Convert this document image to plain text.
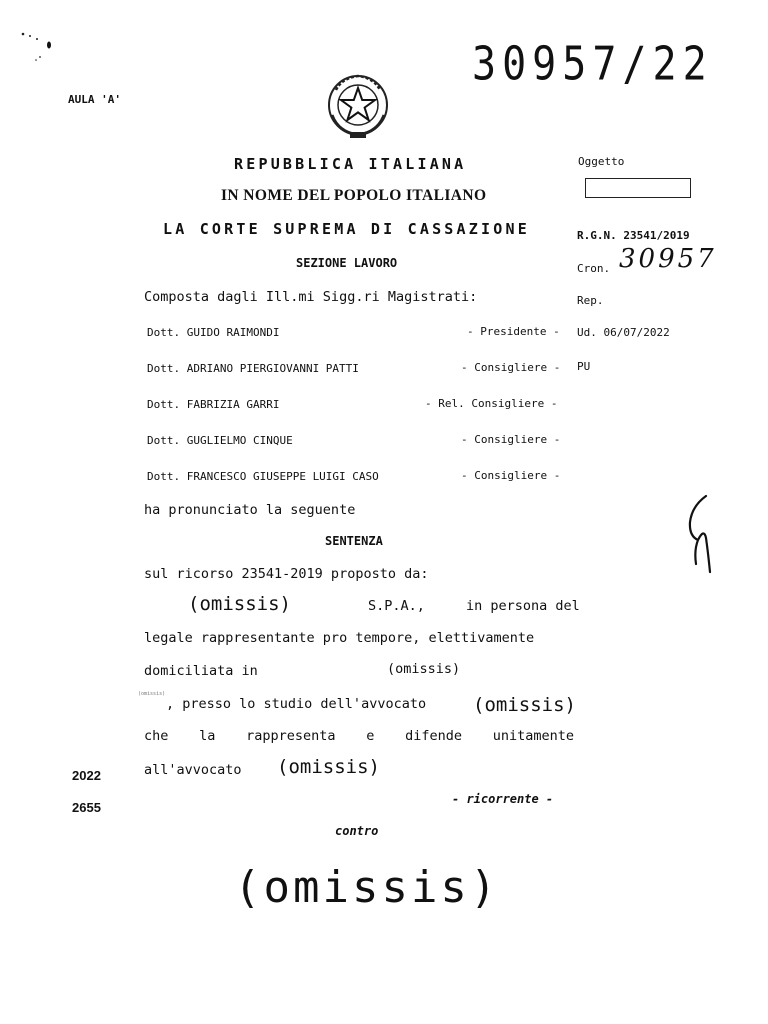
30957/22
AULA 'A'
REPUBBLICA ITALIANA
IN NOME DEL POPOLO ITALIANO
LA CORTE SUPREMA DI CASSAZIONE
SEZIONE LAVORO
Oggetto
R.G.N. 23541/2019
Cron. 30957
Rep.
Ud. 06/07/2022
PU
Composta dagli Ill.mi Sigg.ri Magistrati:
Dott. GUIDO RAIMONDI	- Presidente -
Dott. ADRIANO PIERGIOVANNI PATTI	- Consigliere -
Dott. FABRIZIA GARRI	- Rel. Consigliere -
Dott. GUGLIELMO CINQUE	- Consigliere -
Dott. FRANCESCO GIUSEPPE LUIGI CASO	- Consigliere -
ha pronunciato la seguente
SENTENZA
sul ricorso 23541-2019 proposto da:
(omissis)	S.P.A.,	in persona del
legale rappresentante pro tempore, elettivamente
domiciliata in	(omissis)
(omissis)
, presso lo studio dell'avvocato (omissis)
che la rappresenta e difende unitamente
all'avvocato (omissis)
- ricorrente -
contro
(omissis)
2022
2655
